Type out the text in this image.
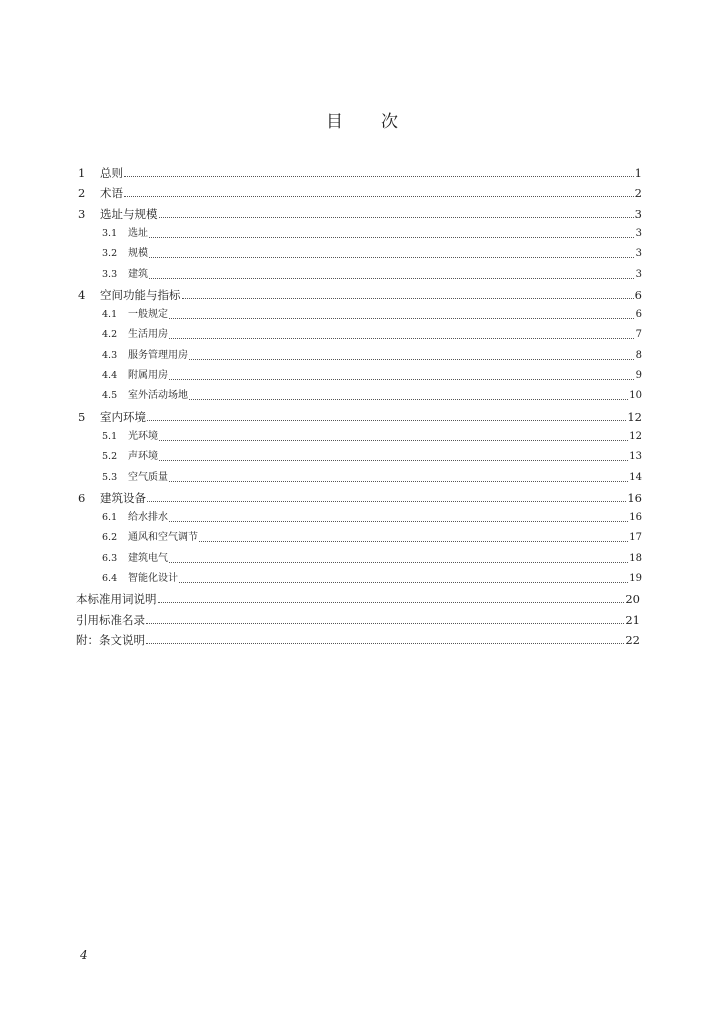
目 次
1	总则	1
2	术语	2
3	选址与规模	3
3.1	选址	3
3.2	规模	3
3.3	建筑	3
4	空间功能与指标	6
4.1	一般规定	6
4.2	生活用房	7
4.3	服务管理用房	8
4.4	附属用房	9
4.5	室外活动场地	10
5	室内环境	12
5.1	光环境	12
5.2	声环境	13
5.3	空气质量	14
6	建筑设备	16
6.1	给水排水	16
6.2	通风和空气调节	17
6.3	建筑电气	18
6.4	智能化设计	19
本标准用词说明	20
引用标准名录	21
附：条文说明	22
4
